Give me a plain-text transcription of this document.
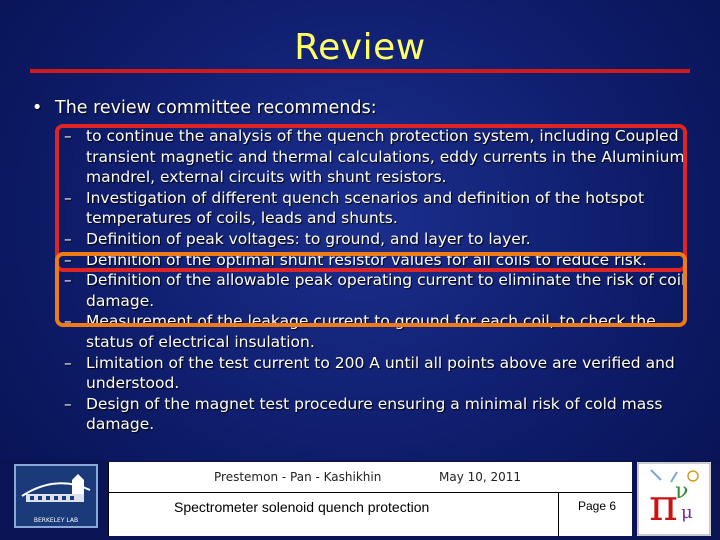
Review
• The review committee recommends:
– to continue the analysis of the quench protection system, including Coupled transient magnetic and thermal calculations, eddy currents in the Aluminium mandrel, external circuits with shunt resistors.
– Investigation of different quench scenarios and definition of the hotspot temperatures of coils, leads and shunts.
– Definition of peak voltages: to ground, and layer to layer.
– Definition of the optimal shunt resistor values for all coils to reduce risk.
– Definition of the allowable peak operating current to eliminate the risk of coil damage.
– Measurement of the leakage current to ground for each coil, to check the status of electrical insulation.
– Limitation of the test current to 200 A until all points above are verified and understood.
– Design of the magnet test procedure ensuring a minimal risk of cold mass damage.
BERKELEY LAB
Prestemon - Pan - Kashikhin	May 10, 2011
Spectrometer solenoid quench protection	Page 6 π
ν
μ
